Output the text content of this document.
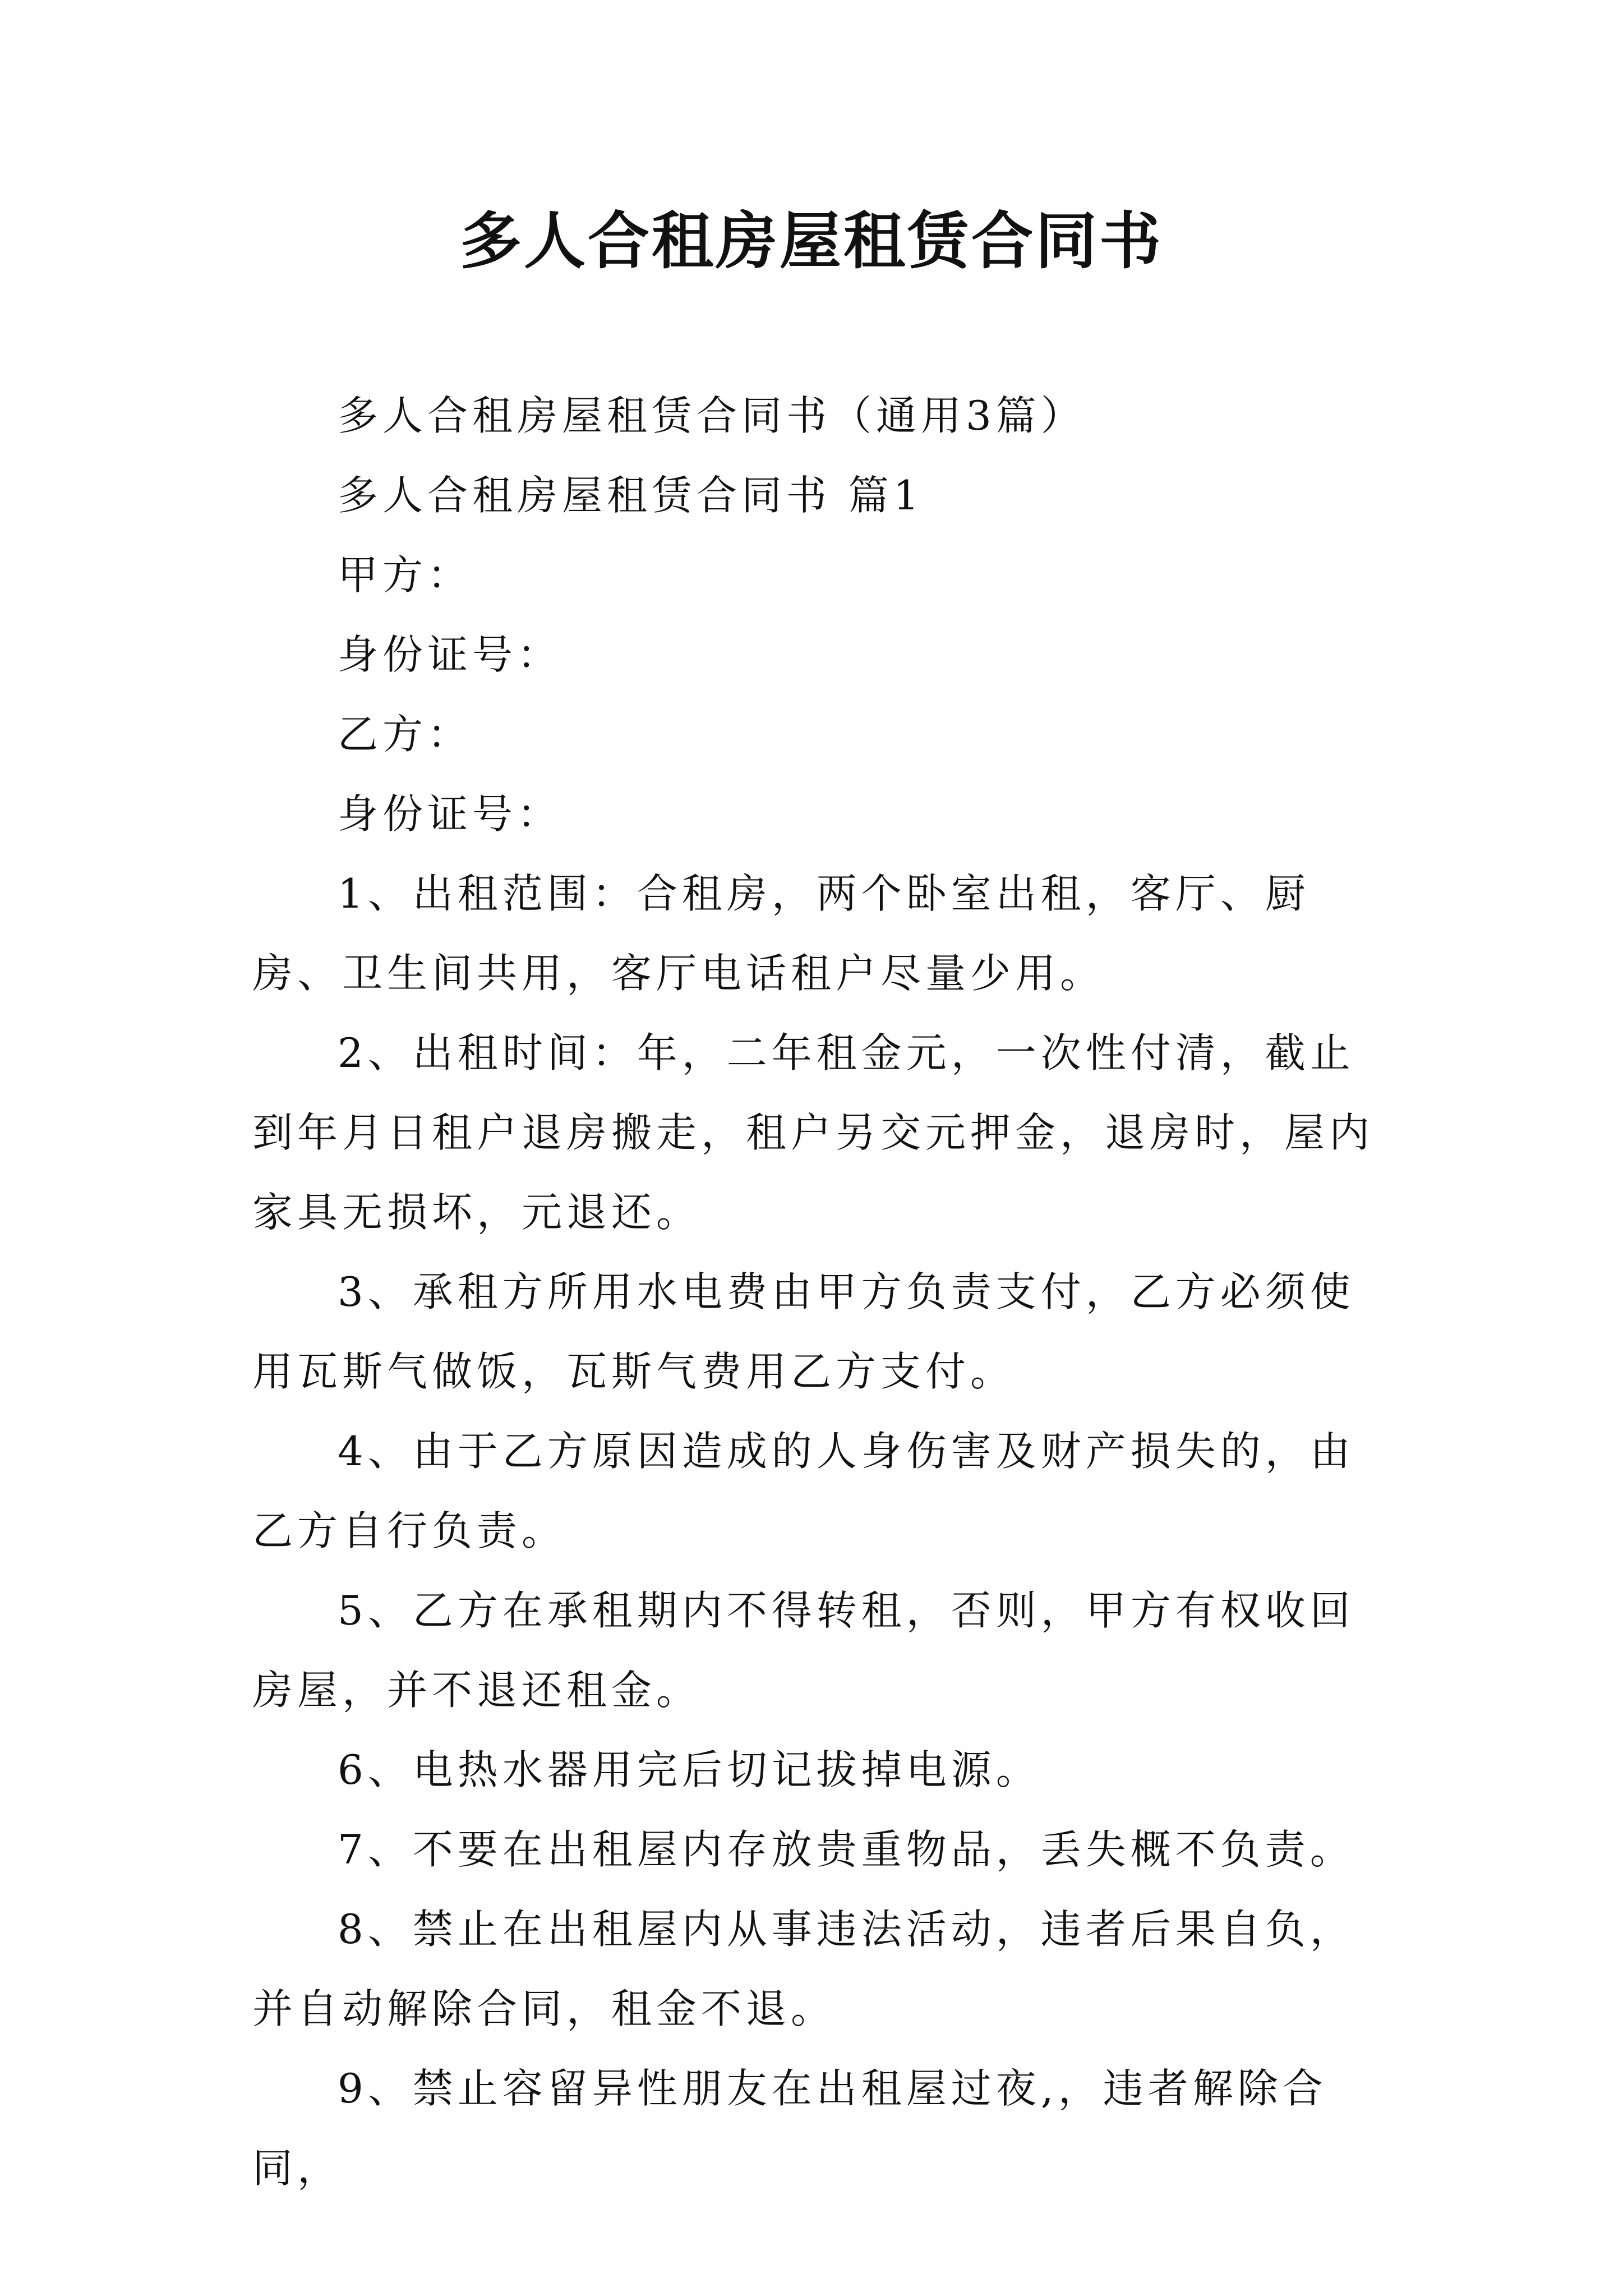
多人合租房屋租赁合同书

多人合租房屋租赁合同书（通用3篇）

多人合租房屋租赁合同书 篇1

甲方：

身份证号：

乙方：

身份证号：

1、出租范围：合租房，两个卧室出租，客厅、厨房、卫生间共用，客厅电话租户尽量少用。

2、出租时间：年，二年租金元，一次性付清，截止到年月日租户退房搬走，租户另交元押金，退房时，屋内家具无损坏，元退还。

3、承租方所用水电费由甲方负责支付，乙方必须使用瓦斯气做饭，瓦斯气费用乙方支付。

4、由于乙方原因造成的人身伤害及财产损失的，由乙方自行负责。

5、乙方在承租期内不得转租，否则，甲方有权收回房屋，并不退还租金。

6、电热水器用完后切记拔掉电源。

7、不要在出租屋内存放贵重物品，丢失概不负责。

8、禁止在出租屋内从事违法活动，违者后果自负，并自动解除合同，租金不退。

9、禁止容留异性朋友在出租屋过夜,，违者解除合同，
